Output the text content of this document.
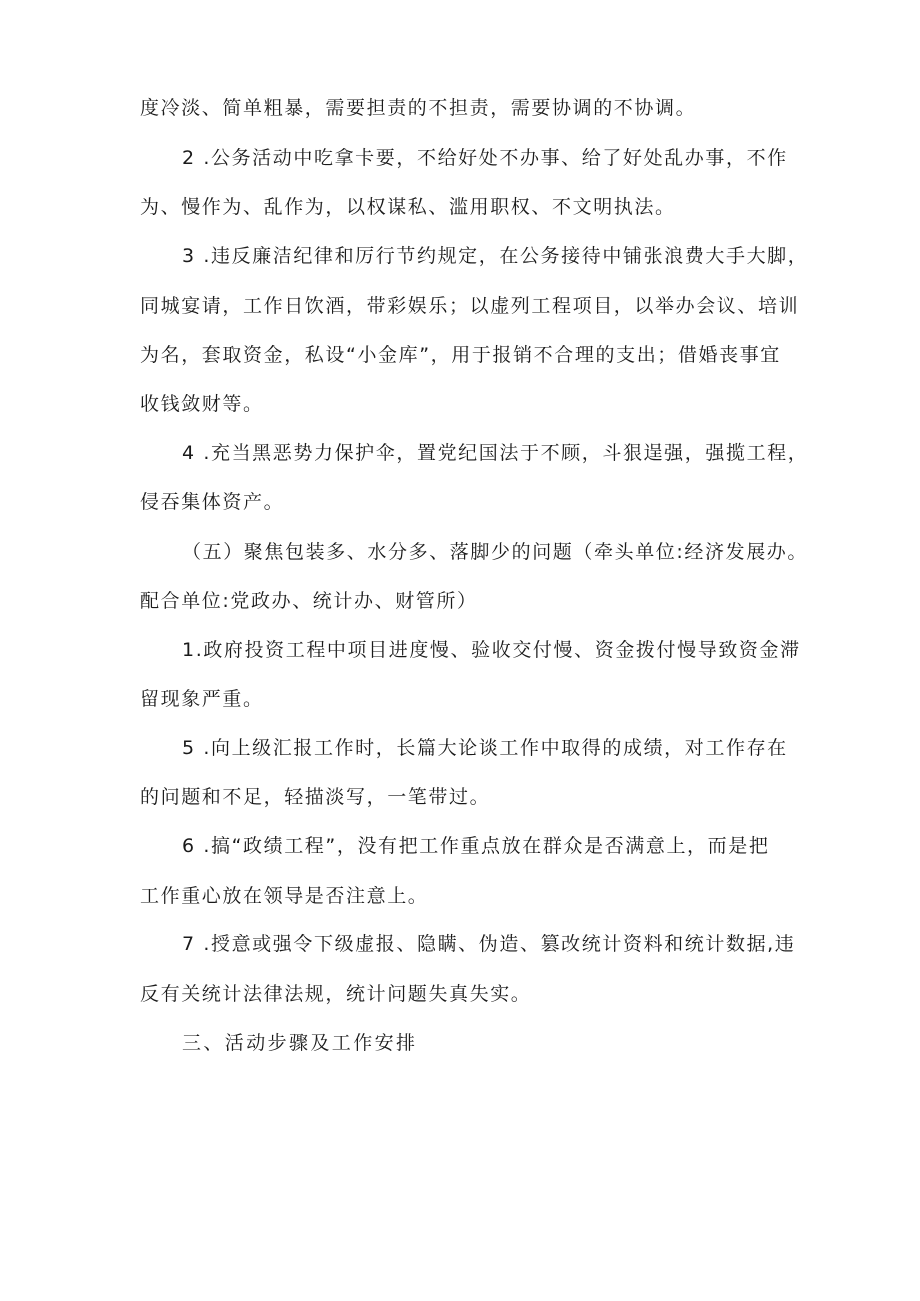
度冷淡、简单粗暴，需要担责的不担责，需要协调的不协调。
2 .公务活动中吃拿卡要，不给好处不办事、给了好处乱办事，不作
为、慢作为、乱作为，以权谋私、滥用职权、不文明执法。
3 .违反廉洁纪律和厉行节约规定，在公务接待中铺张浪费大手大脚，
同城宴请，工作日饮酒，带彩娱乐；以虚列工程项目，以举办会议、培训
为名，套取资金，私设“小金库”，用于报销不合理的支出；借婚丧事宜
收钱敛财等。
4 .充当黑恶势力保护伞，置党纪国法于不顾，斗狠逞强，强揽工程，
侵吞集体资产。
（五）聚焦包装多、水分多、落脚少的问题（牵头单位:经济发展办。
配合单位:党政办、统计办、财管所）
1.政府投资工程中项目进度慢、验收交付慢、资金拨付慢导致资金滞
留现象严重。
5 .向上级汇报工作时，长篇大论谈工作中取得的成绩，对工作存在
的问题和不足，轻描淡写，一笔带过。
6 .搞“政绩工程”，没有把工作重点放在群众是否满意上，而是把
工作重心放在领导是否注意上。
7 .授意或强令下级虚报、隐瞒、伪造、篡改统计资料和统计数据,违
反有关统计法律法规，统计问题失真失实。
三、活动步骤及工作安排
